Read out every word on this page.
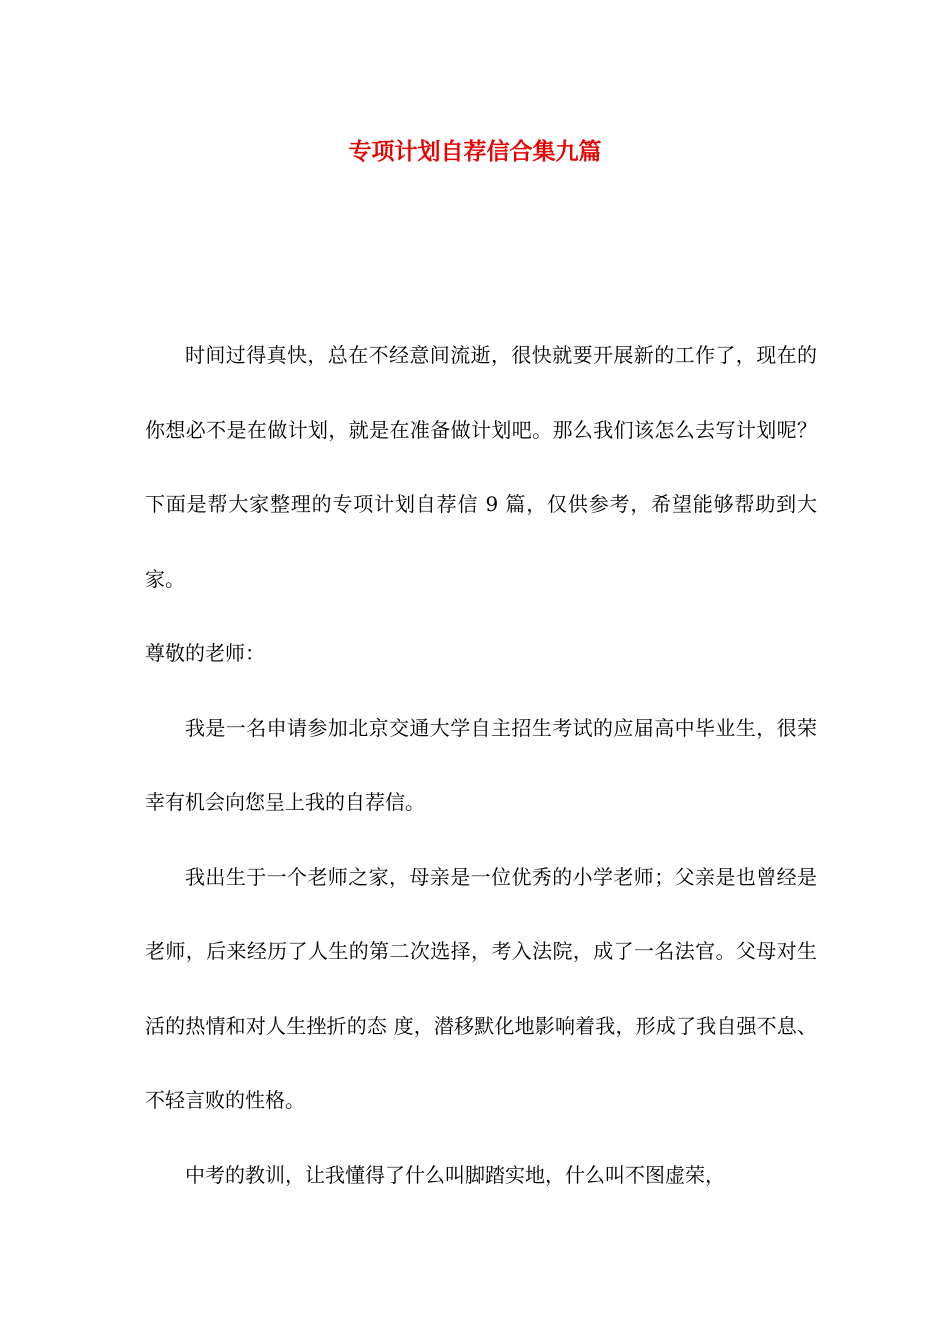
专项计划自荐信合集九篇

时间过得真快，总在不经意间流逝，很快就要开展新的工作了，现在的你想必不是在做计划，就是在准备做计划吧。那么我们该怎么去写计划呢？下面是帮大家整理的专项计划自荐信 9 篇，仅供参考，希望能够帮助到大家。

尊敬的老师：

我是一名申请参加北京交通大学自主招生考试的应届高中毕业生，很荣幸有机会向您呈上我的自荐信。

我出生于一个老师之家，母亲是一位优秀的小学老师；父亲是也曾经是老师，后来经历了人生的第二次选择，考入法院，成了一名法官。父母对生活的热情和对人生挫折的态 度，潜移默化地影响着我，形成了我自强不息、不轻言败的性格。

中考的教训，让我懂得了什么叫脚踏实地，什么叫不图虚荣，
